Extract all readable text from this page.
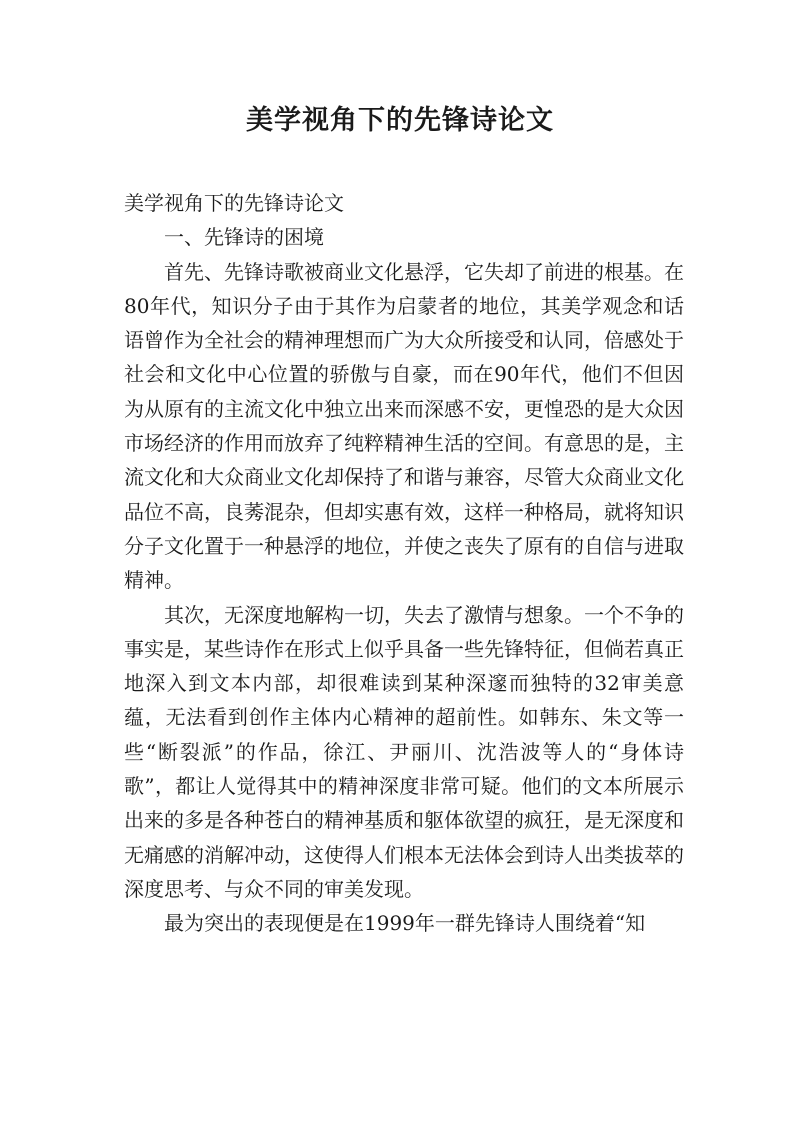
美学视角下的先锋诗论文

美学视角下的先锋诗论文

一、先锋诗的困境

首先、先锋诗歌被商业文化悬浮，它失却了前进的根基。在80年代，知识分子由于其作为启蒙者的地位，其美学观念和话语曾作为全社会的精神理想而广为大众所接受和认同，倍感处于社会和文化中心位置的骄傲与自豪，而在90年代，他们不但因为从原有的主流文化中独立出来而深感不安，更惶恐的是大众因市场经济的作用而放弃了纯粹精神生活的空间。有意思的是，主流文化和大众商业文化却保持了和谐与兼容，尽管大众商业文化品位不高，良莠混杂，但却实惠有效，这样一种格局，就将知识分子文化置于一种悬浮的地位，并使之丧失了原有的自信与进取精神。

其次，无深度地解构一切，失去了激情与想象。一个不争的事实是，某些诗作在形式上似乎具备一些先锋特征，但倘若真正地深入到文本内部，却很难读到某种深邃而独特的32审美意蕴，无法看到创作主体内心精神的超前性。如韩东、朱文等一些“断裂派”的作品，徐江、尹丽川、沈浩波等人的“身体诗歌”，都让人觉得其中的精神深度非常可疑。他们的文本所展示出来的多是各种苍白的精神基质和躯体欲望的疯狂，是无深度和无痛感的消解冲动，这使得人们根本无法体会到诗人出类拔萃的深度思考、与众不同的审美发现。

最为突出的表现便是在1999年一群先锋诗人围绕着“知
